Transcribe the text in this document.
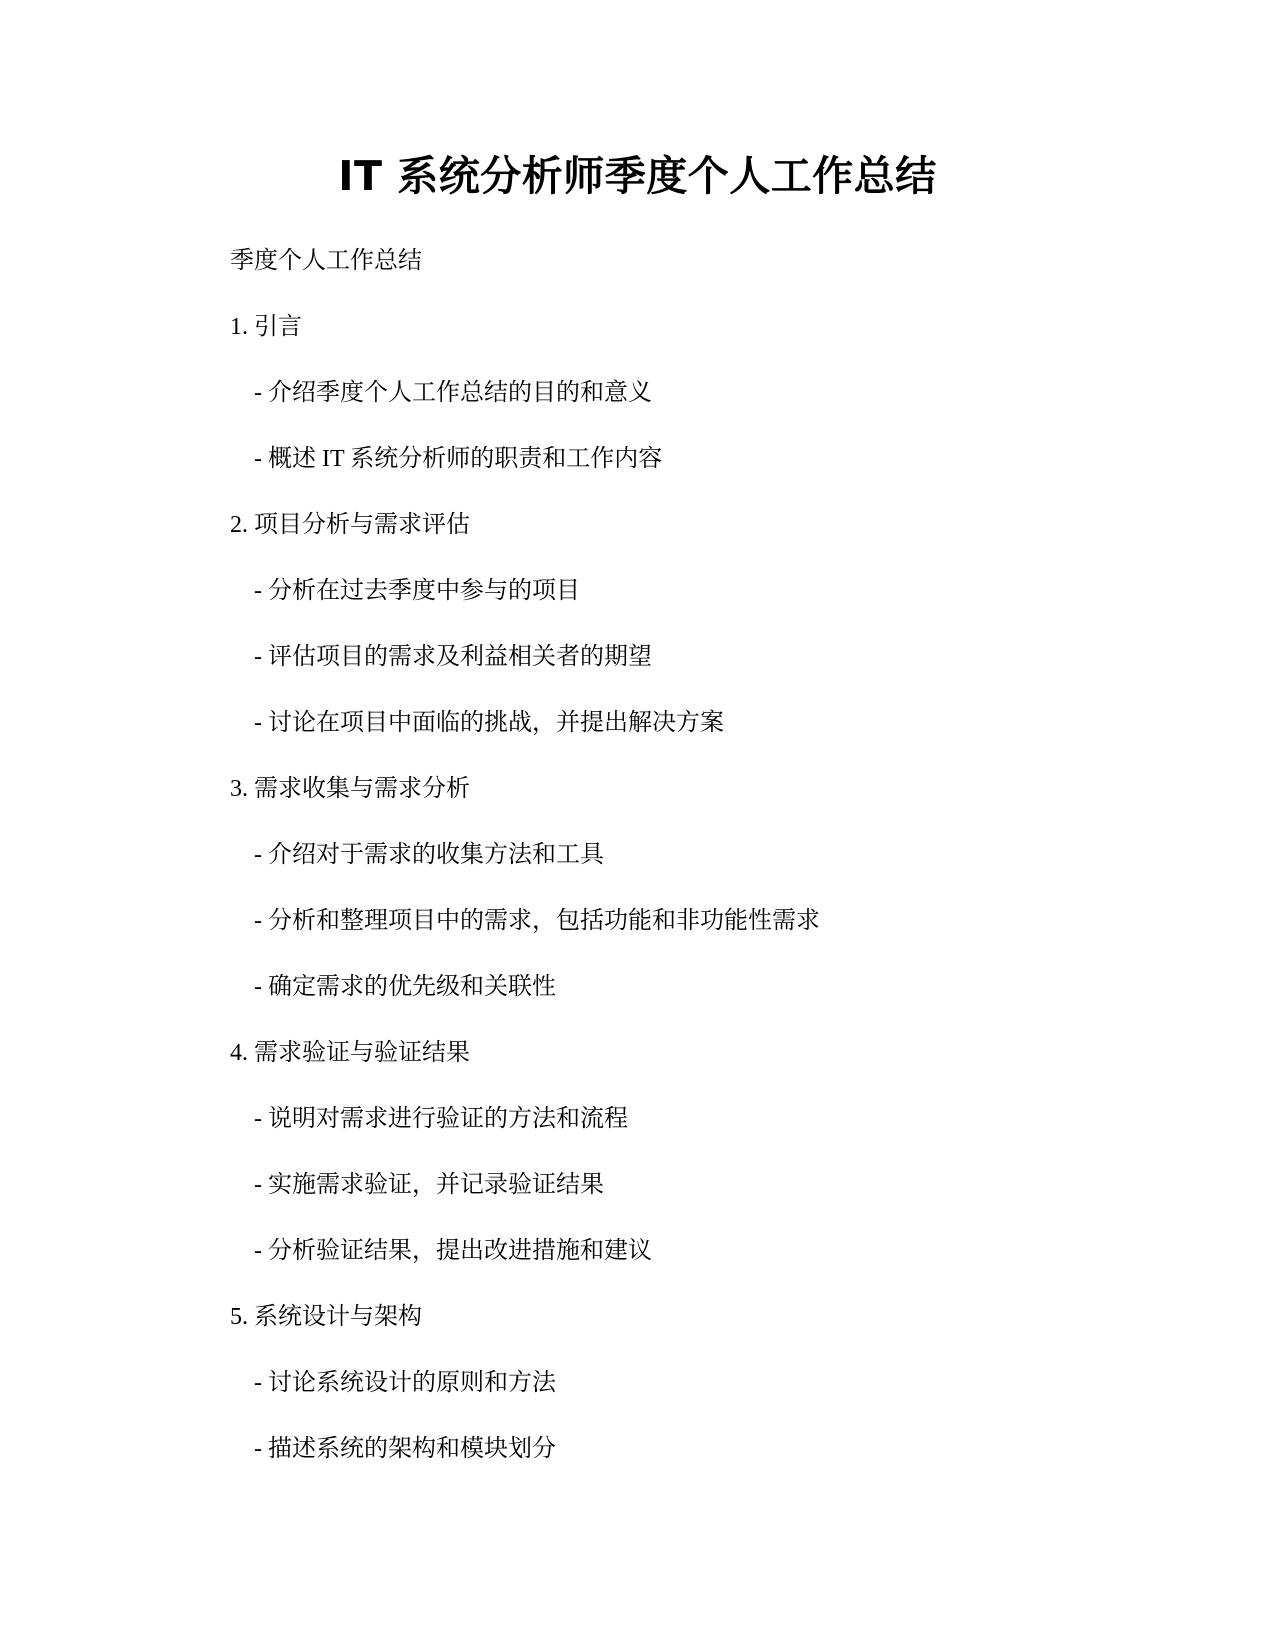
IT 系统分析师季度个人工作总结
季度个人工作总结
1. 引言
- 介绍季度个人工作总结的目的和意义
- 概述 IT 系统分析师的职责和工作内容
2. 项目分析与需求评估
- 分析在过去季度中参与的项目
- 评估项目的需求及利益相关者的期望
- 讨论在项目中面临的挑战，并提出解决方案
3. 需求收集与需求分析
- 介绍对于需求的收集方法和工具
- 分析和整理项目中的需求，包括功能和非功能性需求
- 确定需求的优先级和关联性
4. 需求验证与验证结果
- 说明对需求进行验证的方法和流程
- 实施需求验证，并记录验证结果
- 分析验证结果，提出改进措施和建议
5. 系统设计与架构
- 讨论系统设计的原则和方法
- 描述系统的架构和模块划分
